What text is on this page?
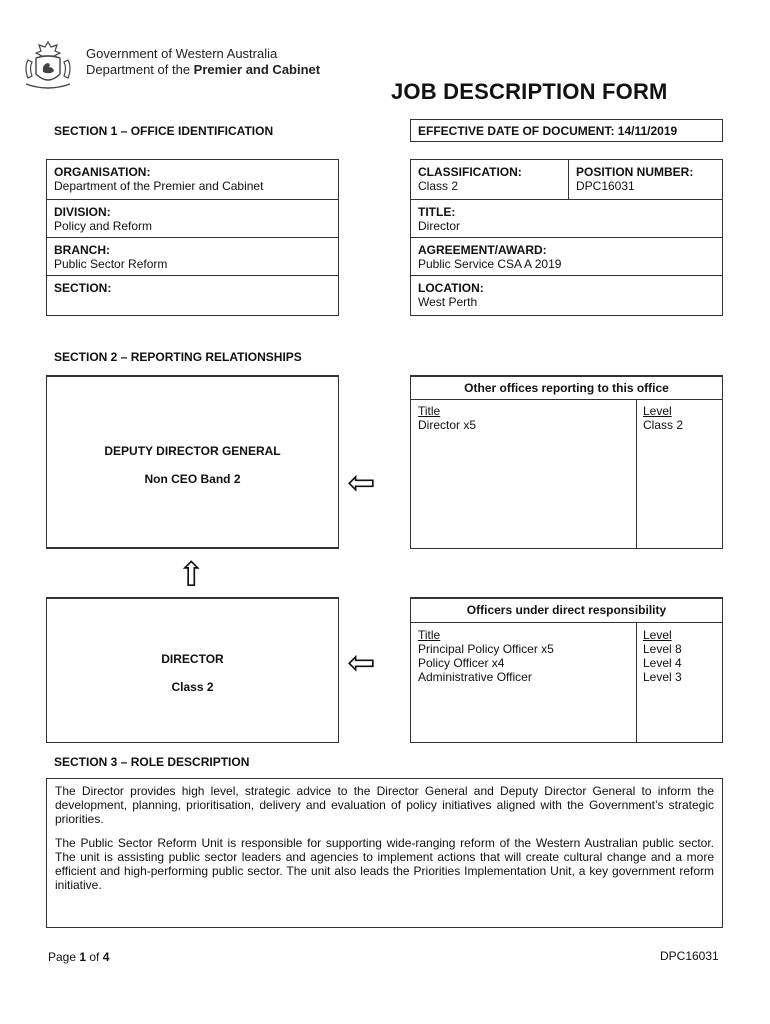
Government of Western Australia
Department of the Premier and Cabinet
JOB DESCRIPTION FORM
SECTION 1 – OFFICE IDENTIFICATION	EFFECTIVE DATE OF DOCUMENT: 14/11/2019
ORGANISATION:
Department of the Premier and Cabinet
DIVISION:
Policy and Reform
BRANCH:
Public Sector Reform
SECTION:
CLASSIFICATION:
Class 2
POSITION NUMBER:
DPC16031
TITLE:
Director
AGREEMENT/AWARD:
Public Service CSA A 2019
LOCATION:
West Perth
SECTION 2 – REPORTING RELATIONSHIPS
DEPUTY DIRECTOR GENERAL
Non CEO Band 2	⇦
⇧
⇦
Other offices reporting to this office
Title	Level
Director x5	Class 2
DIRECTOR
Class 2
Officers under direct responsibility
Title	Level
Principal Policy Officer x5	Level 8
Policy Officer x4	Level 4
Administrative Officer	Level 3
SECTION 3 – ROLE DESCRIPTION

The Director provides high level, strategic advice to the Director General and Deputy Director General to inform the development, planning, prioritisation, delivery and evaluation of policy initiatives aligned with the Government’s strategic priorities.

The Public Sector Reform Unit is responsible for supporting wide-ranging reform of the Western Australian public sector. The unit is assisting public sector leaders and agencies to implement actions that will create cultural change and a more efficient and high-performing public sector. The unit also leads the Priorities Implementation Unit, a key government reform initiative.

Page 1 of 4	DPC16031
